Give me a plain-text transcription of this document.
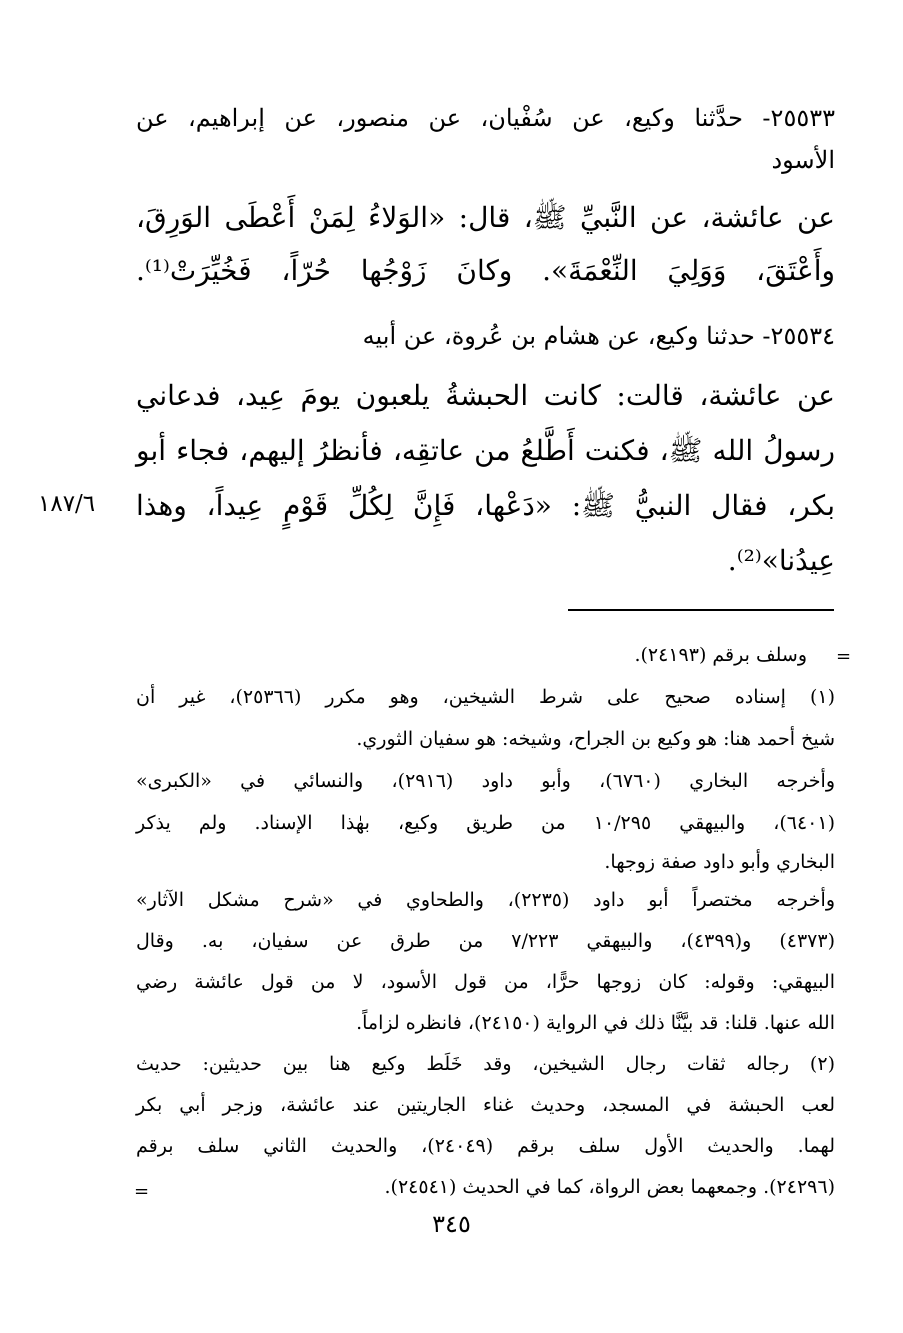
٢٥٥٣٣- حدَّثنا وكيع، عن سُفْيان، عن منصور، عن إبراهيم، عن
الأسود
عن عائشة، عن النَّبيِّ ﷺ، قال: «الوَلاءُ لِمَنْ أَعْطَى الوَرِقَ،
وأَعْتَقَ، وَوَلِيَ النِّعْمَةَ». وكانَ زَوْجُها حُرّاً، فَخُيِّرَتْ⁽¹⁾.
٢٥٥٣٤- حدثنا وكيع، عن هشام بن عُروة، عن أبيه
عن عائشة، قالت: كانت الحبشةُ يلعبون يومَ عِيد، فدعاني
رسولُ الله ﷺ، فكنت أَطَّلعُ من عاتقِه، فأنظرُ إليهم، فجاء أبو
بكر، فقال النبيُّ ﷺ: «دَعْها، فَإِنَّ لِكُلِّ قَوْمٍ عِيداً، وهذا
عِيدُنا»⁽²⁾.
١٨٧/٦
=
وسلف برقم (٢٤١٩٣).
(١) إسناده صحيح على شرط الشيخين، وهو مكرر (٢٥٣٦٦)، غير أن
شيخ أحمد هنا: هو وكيع بن الجراح، وشيخه: هو سفيان الثوري.
وأخرجه البخاري (٦٧٦٠)، وأبو داود (٢٩١٦)، والنسائي في «الكبرى»
(٦٤٠١)، والبيهقي ١٠/٢٩٥ من طريق وكيع، بهٰذا الإسناد. ولم يذكر
البخاري وأبو داود صفة زوجها.
وأخرجه مختصراً أبو داود (٢٢٣٥)، والطحاوي في «شرح مشكل الآثار»
(٤٣٧٣) و(٤٣٩٩)، والبيهقي ٧/٢٢٣ من طرق عن سفيان، به. وقال
البيهقي: وقوله: كان زوجها حرًّا، من قول الأسود، لا من قول عائشة رضي
الله عنها. قلنا: قد بيَّنَّا ذلك في الرواية (٢٤١٥٠)، فانظره لزاماً.
(٢) رجاله ثقات رجال الشيخين، وقد خَلَط وكيع هنا بين حديثين: حديث
لعب الحبشة في المسجد، وحديث غناء الجاريتين عند عائشة، وزجر أبي بكر
لهما. والحديث الأول سلف برقم (٢٤٠٤٩)، والحديث الثاني سلف برقم
(٢٤٢٩٦). وجمعهما بعض الرواة، كما في الحديث (٢٤٥٤١).
=
٣٤٥
